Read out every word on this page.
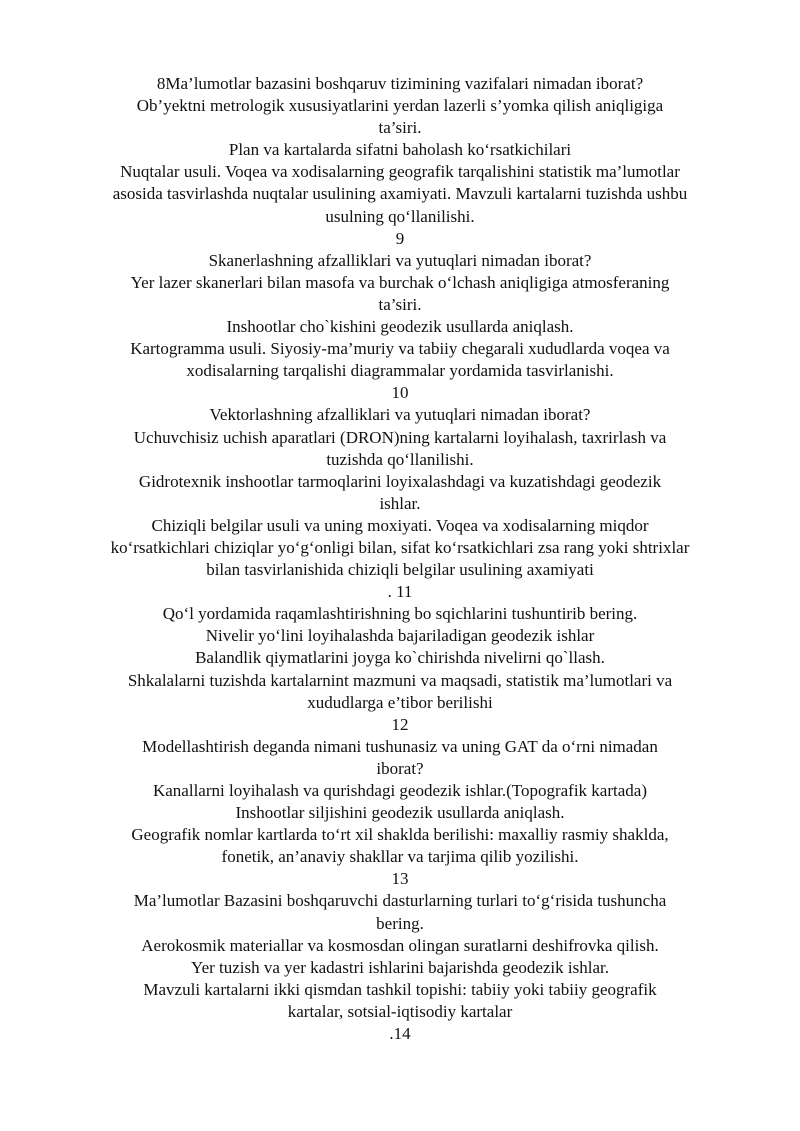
8Ma’lumotlar bazasini boshqaruv tizimining vazifalari nimadan iborat?

Ob’yektni metrologik xususiyatlarini yerdan lazerli s’yomka qilish aniqligiga

ta’siri.

Plan va kartalarda sifatni baholash ko‘rsatkichilari

Nuqtalar usuli. Voqea va xodisalarning geografik tarqalishini statistik ma’lumotlar

asosida tasvirlashda nuqtalar usulining axamiyati. Mavzuli kartalarni tuzishda ushbu

usulning qo‘llanilishi.

9

Skanerlashning afzalliklari va yutuqlari nimadan iborat?

Yer lazer skanerlari bilan masofa va burchak o‘lchash aniqligiga atmosferaning

ta’siri.

Inshootlar cho`kishini geodezik usullarda aniqlash.

Kartogramma usuli. Siyosiy-ma’muriy va tabiiy chegarali xududlarda voqea va

xodisalarning tarqalishi diagrammalar yordamida tasvirlanishi.

10

Vektorlashning afzalliklari va yutuqlari nimadan iborat?

Uchuvchisiz uchish aparatlari (DRON)ning kartalarni loyihalash, taxrirlash va

tuzishda qo‘llanilishi.

Gidrotexnik inshootlar tarmoqlarini loyixalashdagi va kuzatishdagi geodezik

ishlar.

Chiziqli belgilar usuli va uning moxiyati. Voqea va xodisalarning miqdor

ko‘rsatkichlari chiziqlar yo‘g‘onligi bilan, sifat ko‘rsatkichlari zsa rang yoki shtrixlar

bilan tasvirlanishida chiziqli belgilar usulining axamiyati

. 11

Qo‘l yordamida raqamlashtirishning bo sqichlarini tushuntirib bering.

Nivelir yo‘lini loyihalashda bajariladigan geodezik ishlar

Balandlik qiymatlarini joyga ko`chirishda nivelirni qo`llash.

Shkalalarni tuzishda kartalarnint mazmuni va maqsadi, statistik ma’lumotlari va

xududlarga e’tibor berilishi

12

Modellashtirish deganda nimani tushunasiz va uning GAT da o‘rni nimadan

iborat?

Kanallarni loyihalash va qurishdagi geodezik ishlar.(Topografik kartada)

Inshootlar siljishini geodezik usullarda aniqlash.

Geografik nomlar kartlarda to‘rt xil shaklda berilishi: maxalliy rasmiy shaklda,

fonetik, an’anaviy shakllar va tarjima qilib yozilishi.

13

Ma’lumotlar Bazasini boshqaruvchi dasturlarning turlari to‘g‘risida tushuncha

bering.

Aerokosmik materiallar va kosmosdan olingan suratlarni deshifrovka qilish.

Yer tuzish va yer kadastri ishlarini bajarishda geodezik ishlar.

Mavzuli kartalarni ikki qismdan tashkil topishi: tabiiy yoki tabiiy geografik

kartalar, sotsial-iqtisodiy kartalar

.14
